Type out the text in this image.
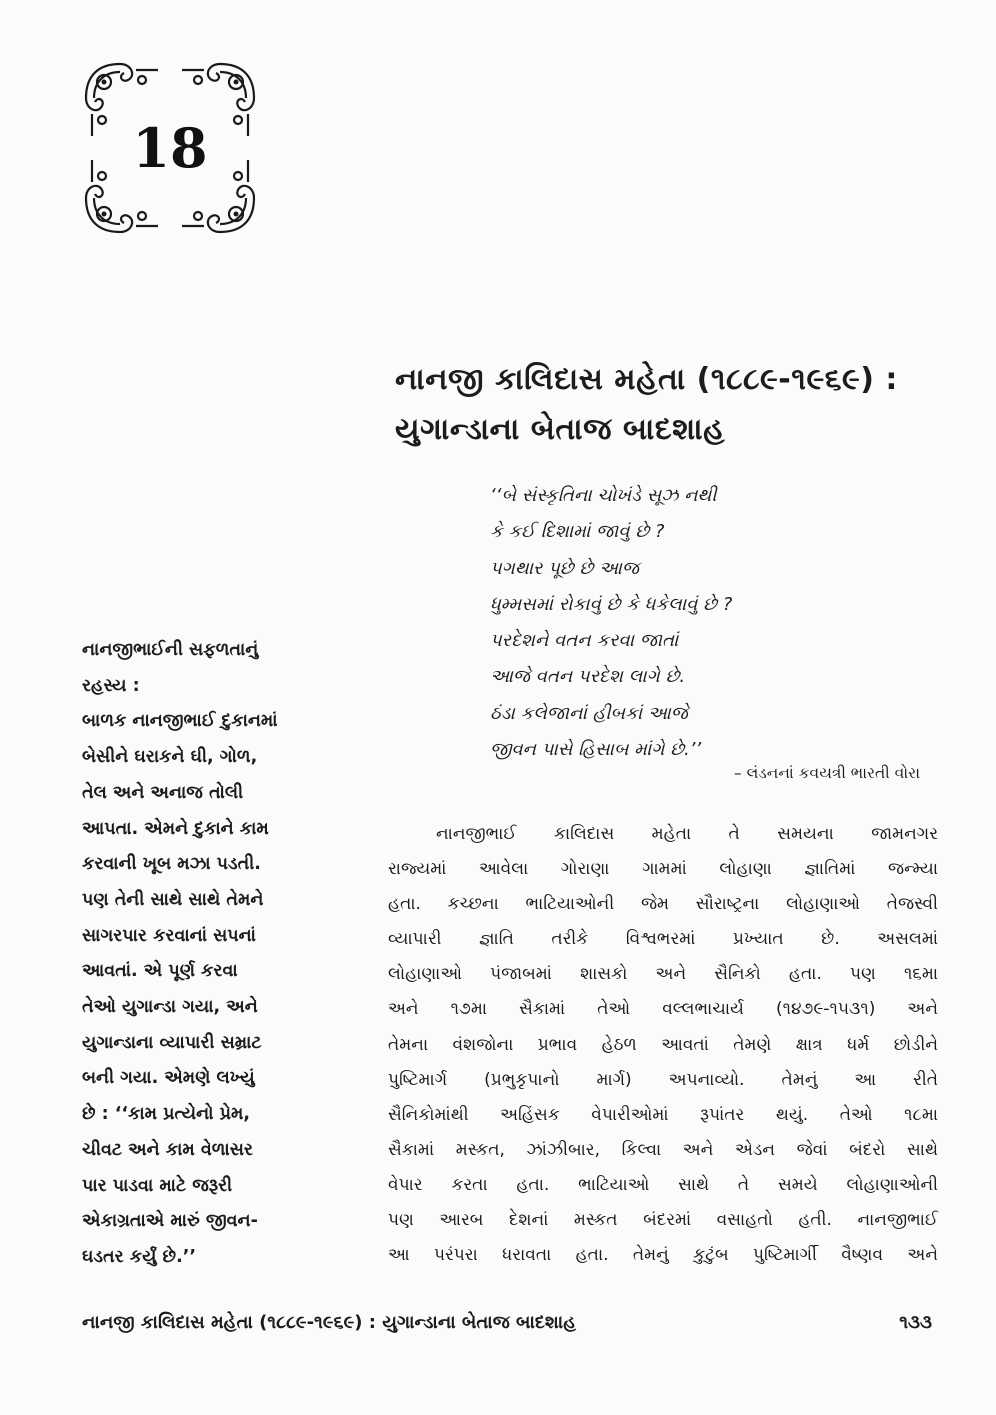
18
નાનજી કાલિદાસ મહેતા (૧૮૮૯-૧૯૬૯) :
યુગાન્ડાના બેતાજ બાદશાહ
‘‘બે સંસ્કૃતિના ચોખંડે સૂઝ નથી
કે કઈ દિશામાં જાવું છે ?
પગથાર પૂછે છે આજ
ધુમ્મસમાં રોકાવું છે કે ધકેલાવું છે ?
પરદેશને વતન કરવા જાતાં
આજે વતન પરદેશ લાગે છે.
ઠંડા કલેજાનાં હીબકાં આજે
જીવન પાસે હિસાબ માંગે છે.’’
– લંડનનાં કવયત્રી ભારતી વોરા
નાનજીભાઈની સફળતાનું
રહસ્ય :
બાળક નાનજીભાઈ દુકાનમાં
બેસીને ઘરાકને ઘી, ગોળ,
તેલ અને અનાજ તોલી
આપતા. એમને દુકાને કામ
કરવાની ખૂબ મઝા પડતી.
પણ તેની સાથે સાથે તેમને
સાગરપાર કરવાનાં સપનાં
આવતાં. એ પૂર્ણ કરવા
તેઓ યુગાન્ડા ગયા, અને
યુગાન્ડાના વ્યાપારી સમ્રાટ
બની ગયા. એમણે લખ્યું
છે : ‘‘કામ પ્રત્યેનો પ્રેમ,
ચીવટ અને કામ વેળાસર
પાર પાડવા માટે જરૂરી
એકાગ્રતાએ મારું જીવન-
ઘડતર કર્યું છે.’’
નાનજીભાઈ કાલિદાસ મહેતા તે સમયના જામનગર
રાજ્યમાં આવેલા ગોરાણા ગામમાં લોહાણા જ્ઞાતિમાં જન્મ્યા
હતા. કચ્છના ભાટિયાઓની જેમ સૌરાષ્ટ્રના લોહાણાઓ તેજસ્વી
વ્યાપારી જ્ઞાતિ તરીકે વિશ્વભરમાં પ્રખ્યાત છે. અસલમાં
લોહાણાઓ પંજાબમાં શાસકો અને સૈનિકો હતા. પણ ૧૬મા
અને ૧૭મા સૈકામાં તેઓ વલ્લભાચાર્ય (૧૪૭૯-૧૫૩૧) અને
તેમના વંશજોના પ્રભાવ હેઠળ આવતાં તેમણે ક્ષાત્ર ધર્મ છોડીને
પુષ્ટિમાર્ગ (પ્રભુકૃપાનો માર્ગ) અપનાવ્યો. તેમનું આ રીતે
સૈનિકોમાંથી અહિંસક વેપારીઓમાં રૂપાંતર થયું. તેઓ ૧૮મા
સૈકામાં મસ્કત, ઝાંઝીબાર, કિલ્વા અને એડન જેવાં બંદરો સાથે
વેપાર કરતા હતા. ભાટિયાઓ સાથે તે સમયે લોહાણાઓની
પણ આરબ દેશનાં મસ્કત બંદરમાં વસાહતો હતી. નાનજીભાઈ
આ પરંપરા ધરાવતા હતા. તેમનું કુટુંબ પુષ્ટિમાર્ગી વૈષ્ણવ અને
નાનજી કાલિદાસ મહેતા (૧૮૮૯-૧૯૬૯) : યુગાન્ડાના બેતાજ બાદશાહ	૧૩૩
